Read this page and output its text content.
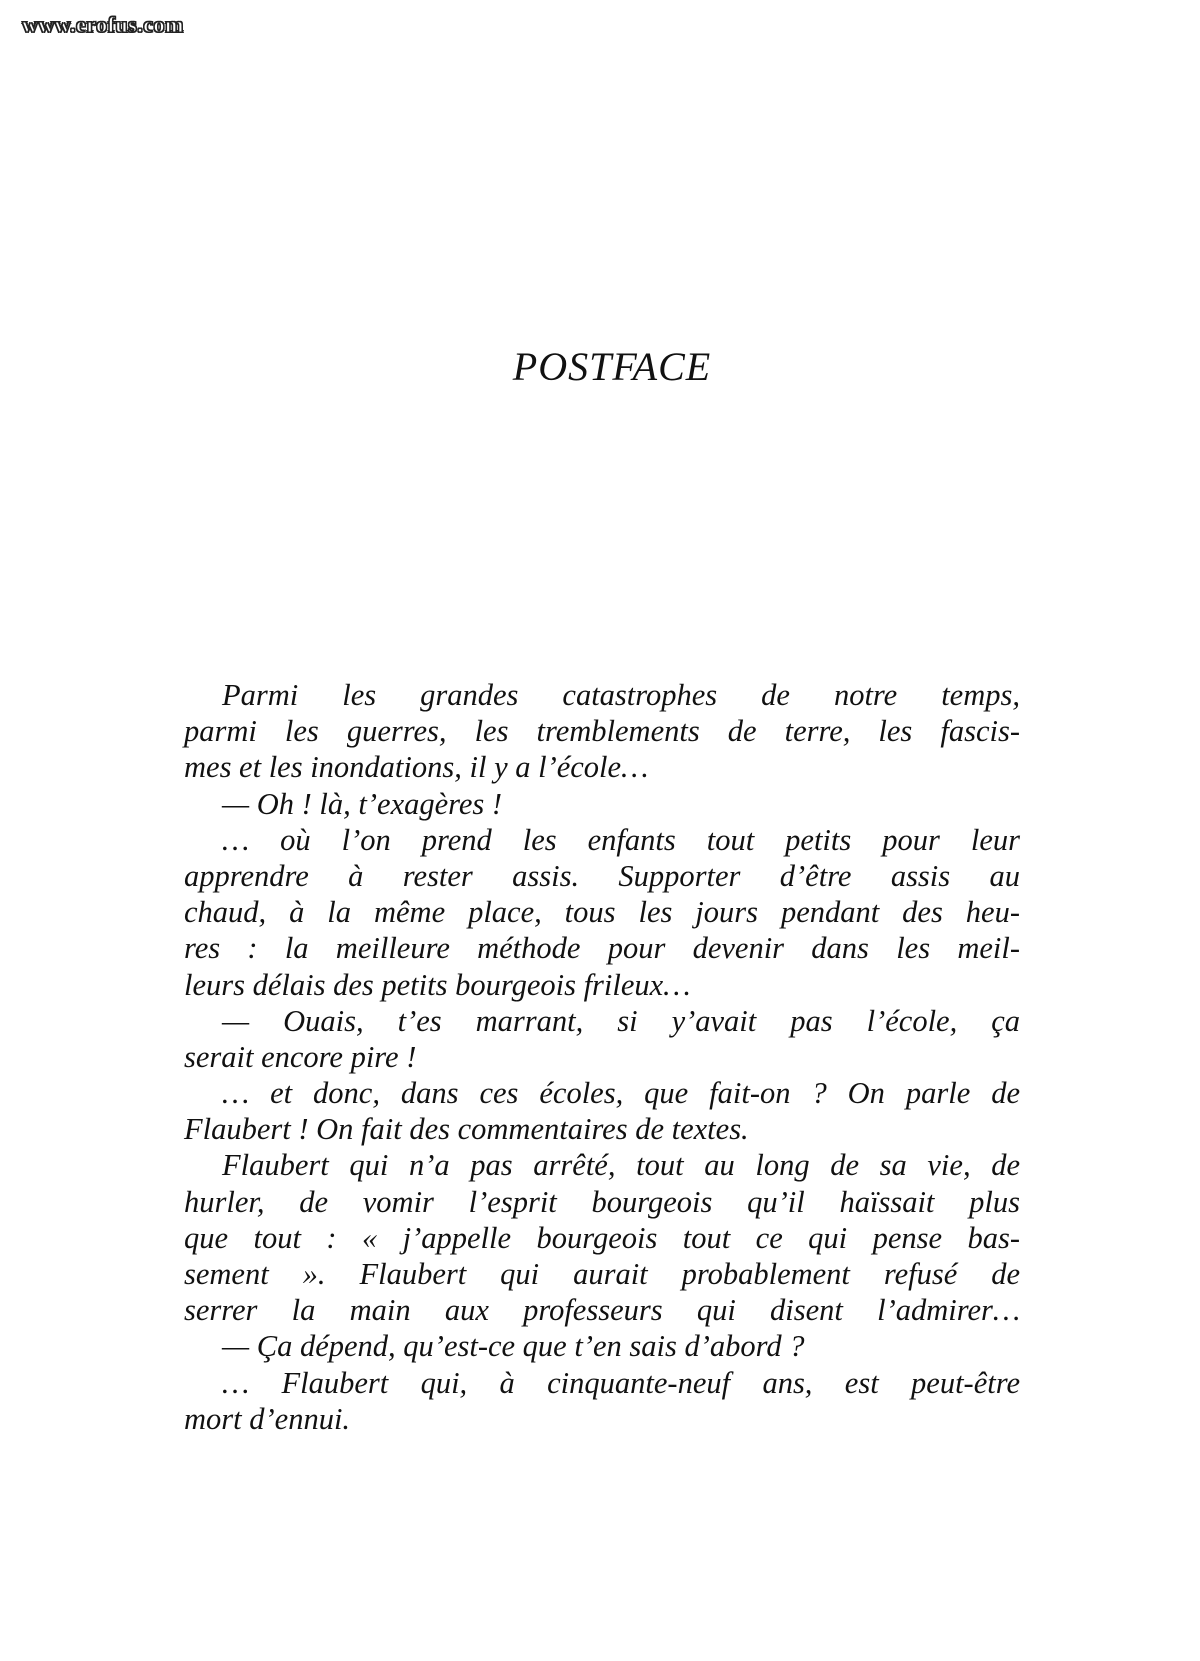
www.erofus.com
POSTFACE
Parmi les grandes catastrophes de notre temps,
parmi les guerres, les tremblements de terre, les fascis-
mes et les inondations, il y a l’école…
— Oh ! là, t’exagères !
… où l’on prend les enfants tout petits pour leur
apprendre à rester assis. Supporter d’être assis au
chaud, à la même place, tous les jours pendant des heu-
res : la meilleure méthode pour devenir dans les meil-
leurs délais des petits bourgeois frileux…
— Ouais, t’es marrant, si y’avait pas l’école, ça
serait encore pire !
… et donc, dans ces écoles, que fait-on ? On parle de
Flaubert ! On fait des commentaires de textes.
Flaubert qui n’a pas arrêté, tout au long de sa vie, de
hurler, de vomir l’esprit bourgeois qu’il haïssait plus
que tout : « j’appelle bourgeois tout ce qui pense bas-
sement ». Flaubert qui aurait probablement refusé de
serrer la main aux professeurs qui disent l’admirer…
— Ça dépend, qu’est-ce que t’en sais d’abord ?
… Flaubert qui, à cinquante-neuf ans, est peut-être
mort d’ennui.
